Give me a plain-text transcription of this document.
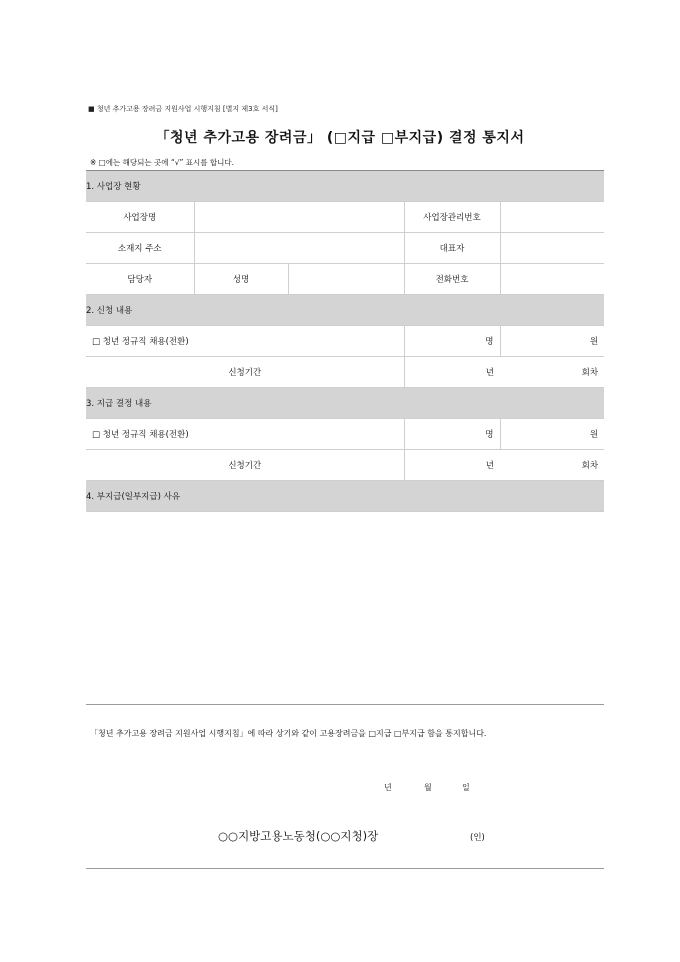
■ 청년 추가고용 장려금 지원사업 시행지침 [별지 제3호 서식]
「청년 추가고용 장려금」 (□지급 □부지급) 결정 통지서
※ □에는 해당되는 곳에 “√” 표시를 합니다.
1. 사업장 현황				
사업장명			사업장관리번호	
소재지 주소			대표자	
담당자	성명		전화번호	
2. 신청 내용				
□ 청년 정규직 채용(전환)			명	원
신청기간			년	회차
3. 지급 결정 내용				
□ 청년 정규직 채용(전환)			명	원
신청기간			년	회차
4. 부지급(일부지급) 사유				
「청년 추가고용 장려금 지원사업 시행지침」에 따라 상기와 같이 고용장려금을 □지급 □부지급 함을 통지합니다.
년	월	일
○○지방고용노동청(○○지청)장	(인)
